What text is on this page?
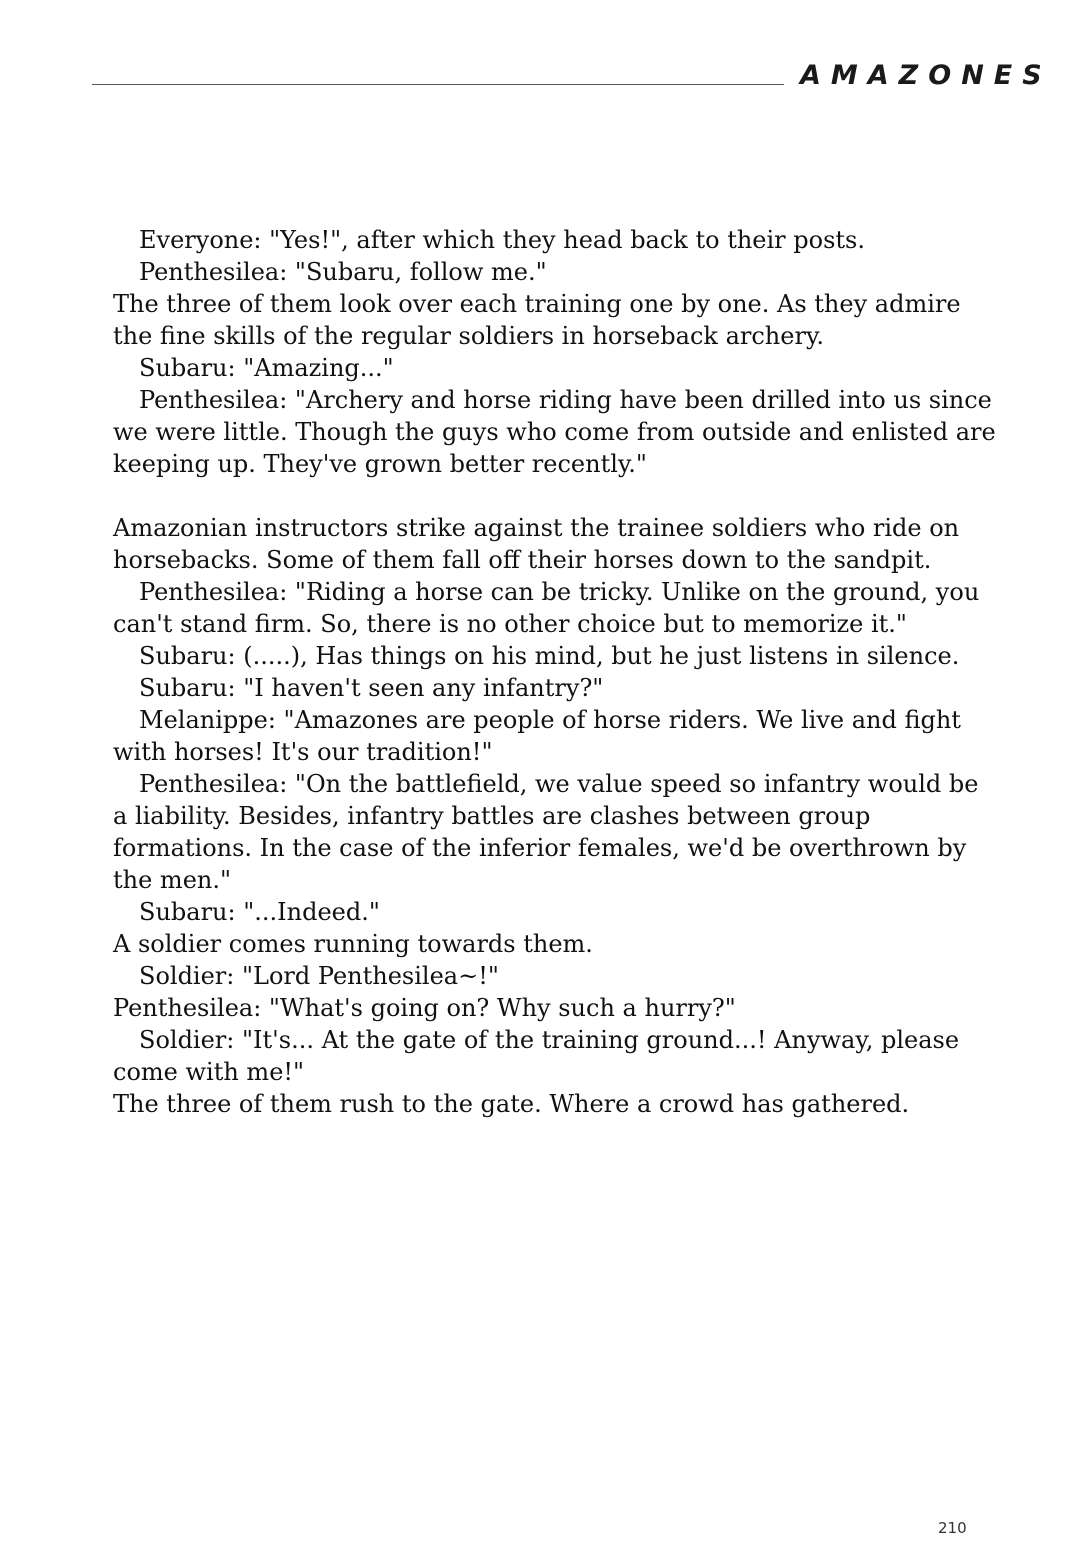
AMAZONES
Everyone: "Yes!", after which they head back to their posts.
Penthesilea: "Subaru, follow me."
The three of them look over each training one by one. As they admire
the fine skills of the regular soldiers in horseback archery.
Subaru: "Amazing..."
Penthesilea: "Archery and horse riding have been drilled into us since
we were little. Though the guys who come from outside and enlisted are
keeping up. They've grown better recently."
Amazonian instructors strike against the trainee soldiers who ride on
horsebacks. Some of them fall off their horses down to the sandpit.
Penthesilea: "Riding a horse can be tricky. Unlike on the ground, you
can't stand firm. So, there is no other choice but to memorize it."
Subaru: (.....), Has things on his mind, but he just listens in silence.
Subaru: "I haven't seen any infantry?"
Melanippe: "Amazones are people of horse riders. We live and fight
with horses! It's our tradition!"
Penthesilea: "On the battlefield, we value speed so infantry would be
a liability. Besides, infantry battles are clashes between group
formations. In the case of the inferior females, we'd be overthrown by
the men."
Subaru: "...Indeed."
A soldier comes running towards them.
Soldier: "Lord Penthesilea~!"
Penthesilea: "What's going on? Why such a hurry?"
Soldier: "It's... At the gate of the training ground...! Anyway, please
come with me!"
The three of them rush to the gate. Where a crowd has gathered.
210
